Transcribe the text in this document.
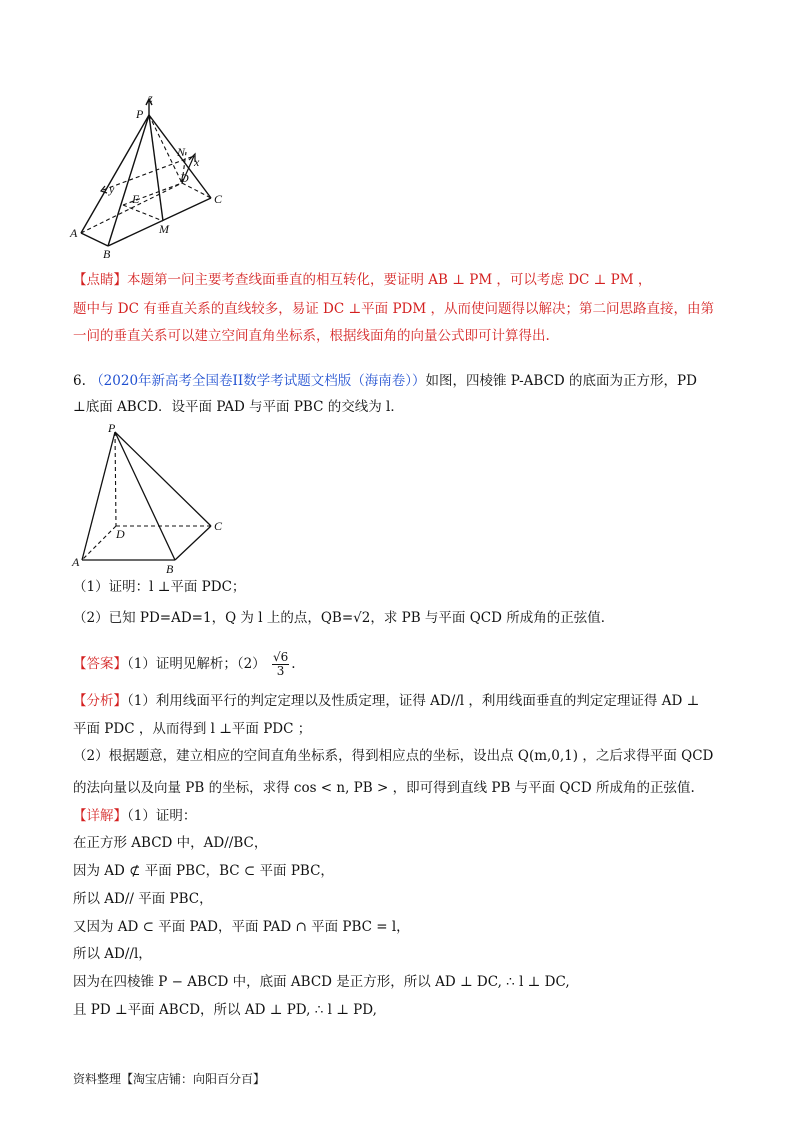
z
P
N
x
D
y
E	C
A	M
B
【点睛】本题第一问主要考查线面垂直的相互转化，要证明 AB ⊥ PM ，可以考虑 DC ⊥ PM ，
题中与 DC 有垂直关系的直线较多，易证 DC ⊥平面 PDM ，从而使问题得以解决；第二问思路直接，由第
一问的垂直关系可以建立空间直角坐标系，根据线面角的向量公式即可计算得出.
6. （2020年新高考全国卷II数学考试题文档版（海南卷））如图，四棱锥 P-ABCD 的底面为正方形，PD
⊥底面 ABCD．设平面 PAD 与平面 PBC 的交线为 l．
P
D
C
A	B
（1）证明：l ⊥平面 PDC；
（2）已知 PD=AD=1，Q 为 l 上的点，QB=√2，求 PB 与平面 QCD 所成角的正弦值．
【答案】（1）证明见解析；$(2) \frac{√6}{3}$ .
【分析】（1）利用线面平行的判定定理以及性质定理，证得 AD//l ，利用线面垂直的判定定理证得 AD ⊥
平面 PDC ，从而得到 l ⊥平面 PDC ；
（2）根据题意，建立相应的空间直角坐标系，得到相应点的坐标，设出点 Q(m,0,1) ，之后求得平面 QCD
的法向量以及向量 PB 的坐标，求得 cos < n, PB > ，即可得到直线 PB 与平面 QCD 所成角的正弦值.
【详解】（1）证明：
在正方形 ABCD 中，AD//BC，
因为 AD ⊄ 平面 PBC，BC ⊂ 平面 PBC，
所以 AD// 平面 PBC，
又因为 AD ⊂ 平面 PAD，平面 PAD ∩ 平面 PBC = l，
所以 AD//l，
因为在四棱锥 P − ABCD 中，底面 ABCD 是正方形，所以 AD ⊥ DC, ∴ l ⊥ DC,
且 PD ⊥平面 ABCD，所以 AD ⊥ PD, ∴ l ⊥ PD,
资料整理【淘宝店铺：向阳百分百】
